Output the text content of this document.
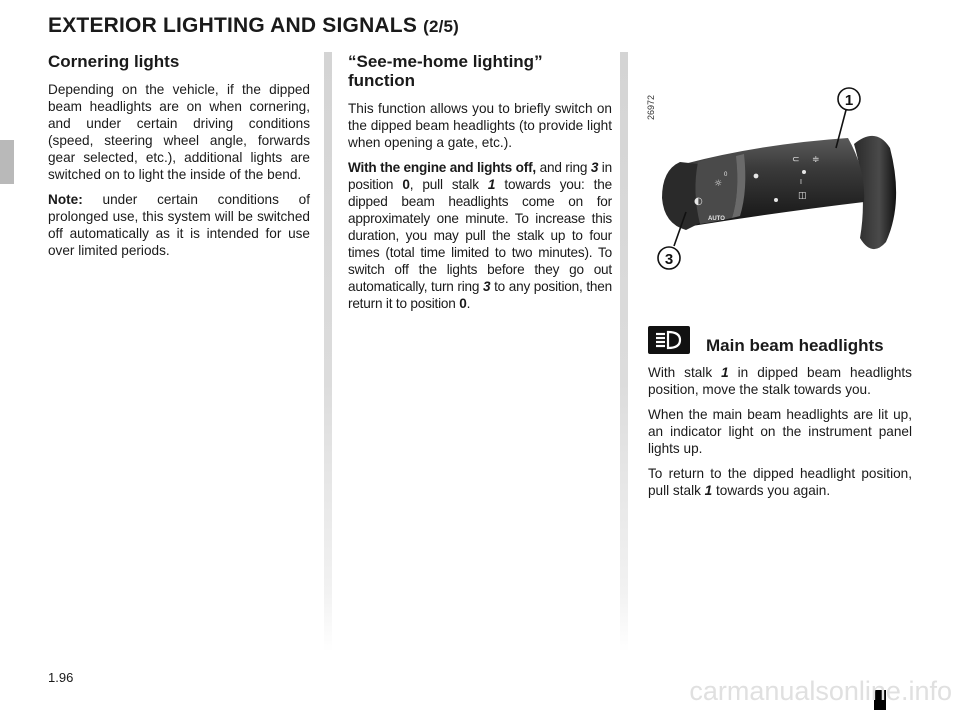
EXTERIOR LIGHTING AND SIGNALS (2/5)
Cornering lights

Depending on the vehicle, if the dipped beam headlights are on when cornering, and under certain driving conditions (speed, steering wheel angle, forwards gear selected, etc.), additional lights are switched on to light the inside of the bend.

Note: under certain conditions of prolonged use, this system will be switched off automatically as it is intended for use over limited periods.

“See-me-home lighting” function

This function allows you to briefly switch on the dipped beam headlights (to provide light when opening a gate, etc.).

With the engine and lights off, and ring 3 in position 0, pull stalk 1 towards you: the dipped beam headlights come on for approximately one minute. To increase this duration, you may pull the stalk up to four times (total time limited to two minutes). To switch off the lights before they go out automatically, turn ring 3 to any position, then return it to position 0.

26972
☼
◐
AUTO
0
⊂ ≑
I
◫
1
3
Main beam headlights

With stalk 1 in dipped beam headlights position, move the stalk towards you.

When the main beam headlights are lit up, an indicator light on the instrument panel lights up.

To return to the dipped headlight position, pull stalk 1 towards you again.

1.96	carmanualsonline.info
